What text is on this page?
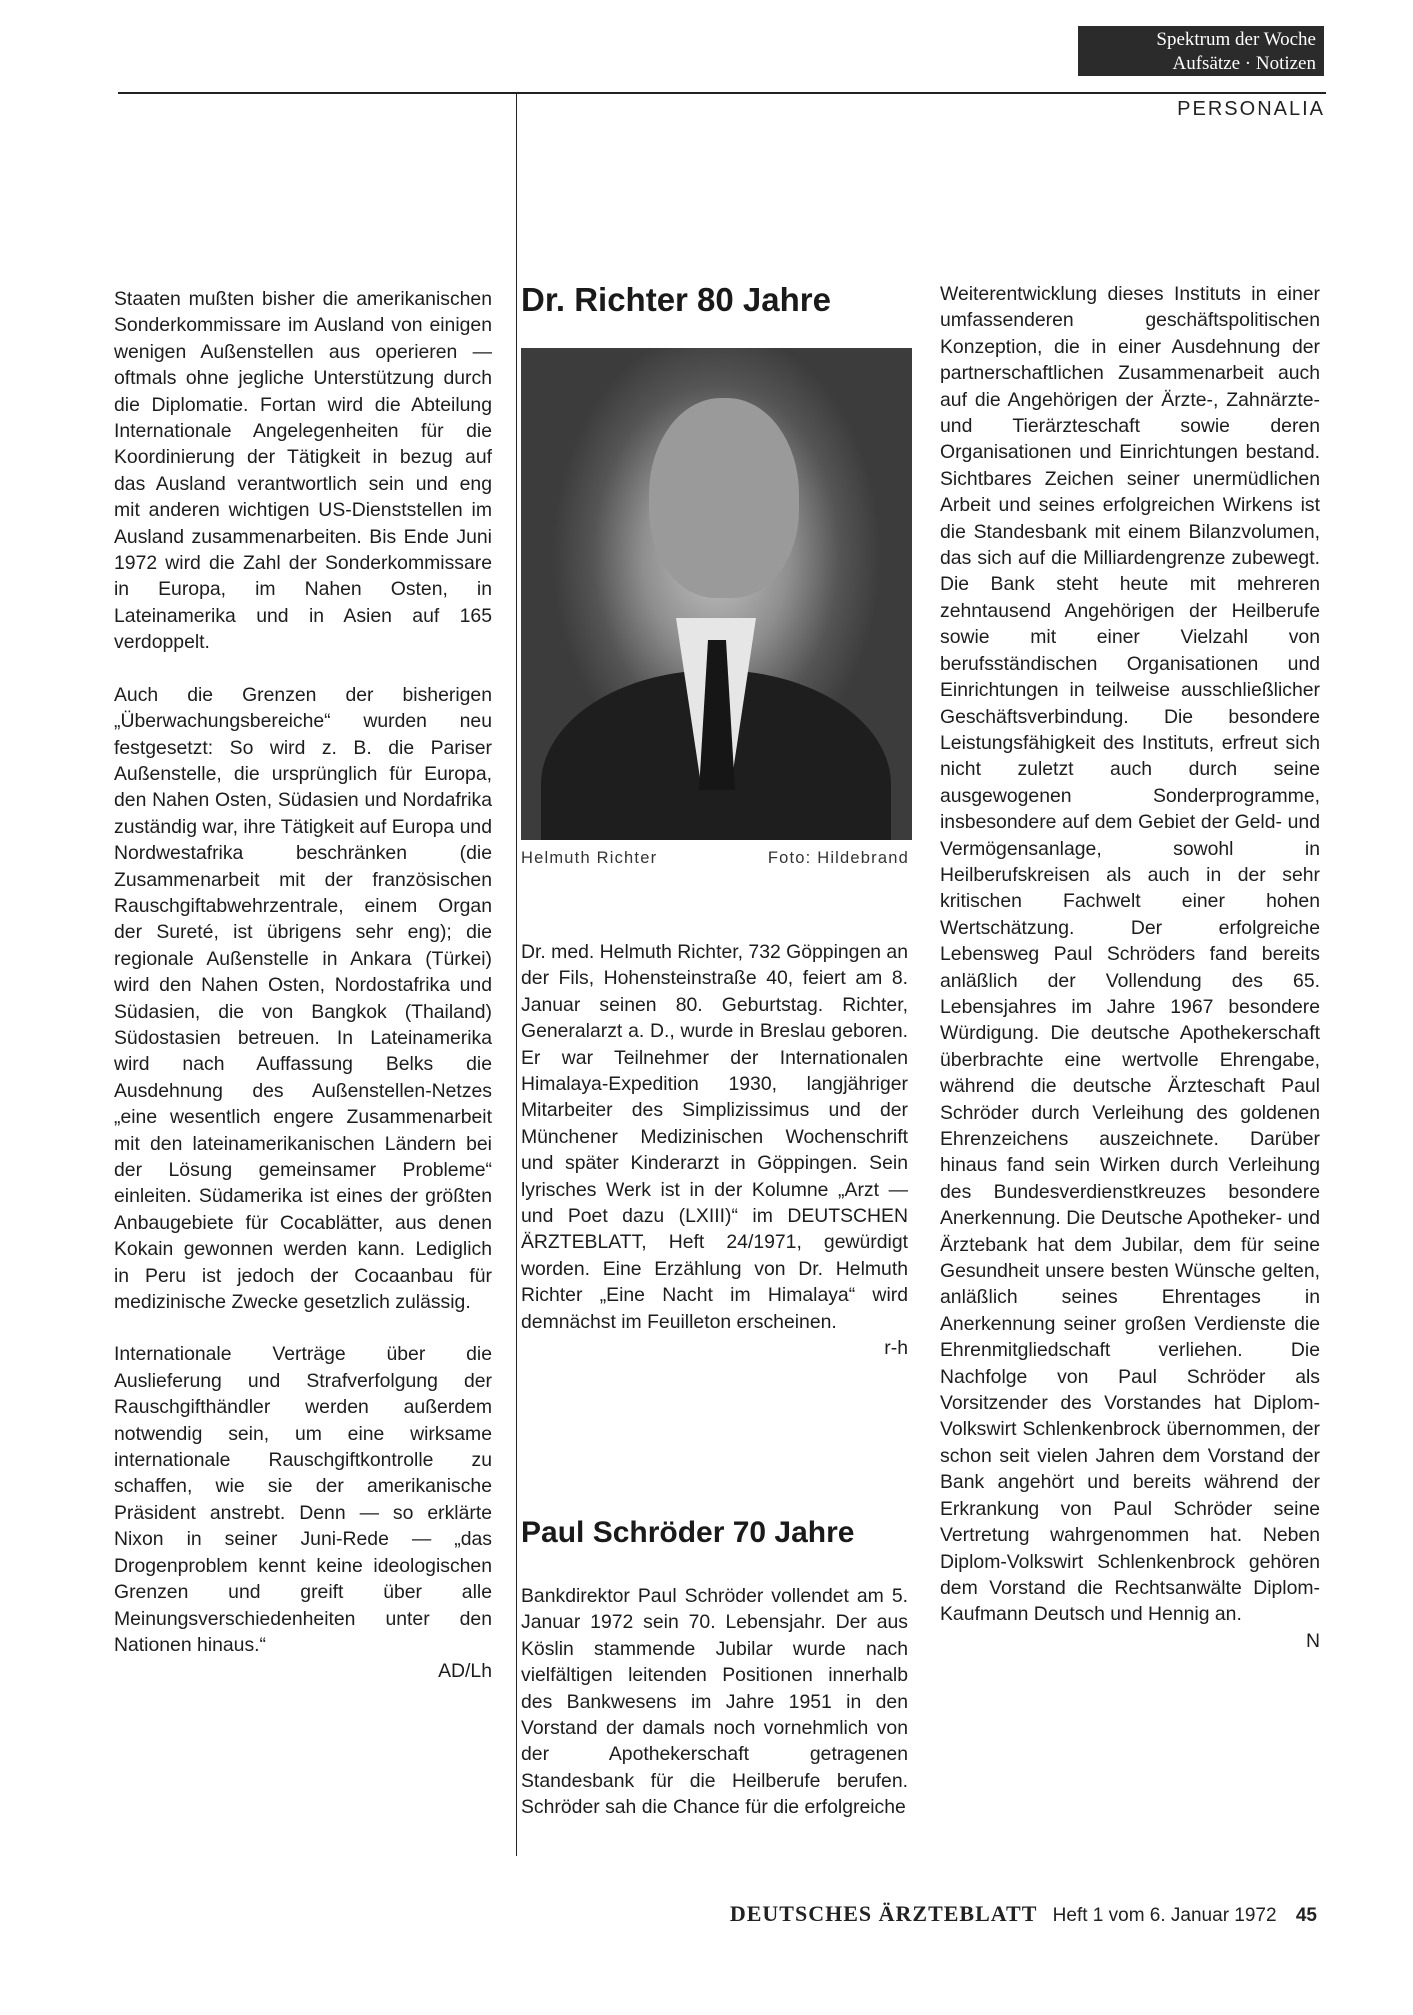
Spektrum der Woche
Aufsätze · Notizen
PERSONALIA

Staaten mußten bisher die amerikanischen Sonderkommissare im Ausland von einigen wenigen Außenstellen aus operieren — oftmals ohne jegliche Unterstützung durch die Diplomatie. Fortan wird die Abteilung Internationale Angelegenheiten für die Koordinierung der Tätigkeit in bezug auf das Ausland verantwortlich sein und eng mit anderen wichtigen US-Dienststellen im Ausland zusammenarbeiten. Bis Ende Juni 1972 wird die Zahl der Sonderkommissare in Europa, im Nahen Osten, in Lateinamerika und in Asien auf 165 verdoppelt.

Auch die Grenzen der bisherigen „Überwachungsbereiche“ wurden neu festgesetzt: So wird z. B. die Pariser Außenstelle, die ursprünglich für Europa, den Nahen Osten, Südasien und Nordafrika zuständig war, ihre Tätigkeit auf Europa und Nordwestafrika beschränken (die Zusammenarbeit mit der französischen Rauschgiftabwehrzentrale, einem Organ der Sureté, ist übrigens sehr eng); die regionale Außenstelle in Ankara (Türkei) wird den Nahen Osten, Nordostafrika und Südasien, die von Bangkok (Thailand) Südostasien betreuen. In Lateinamerika wird nach Auffassung Belks die Ausdehnung des Außenstellen-Netzes „eine wesentlich engere Zusammenarbeit mit den lateinamerikanischen Ländern bei der Lösung gemeinsamer Probleme“ einleiten. Südamerika ist eines der größten Anbaugebiete für Cocablätter, aus denen Kokain gewonnen werden kann. Lediglich in Peru ist jedoch der Cocaanbau für medizinische Zwecke gesetzlich zulässig.

Internationale Verträge über die Auslieferung und Strafverfolgung der Rauschgifthändler werden außerdem notwendig sein, um eine wirksame internationale Rauschgiftkontrolle zu schaffen, wie sie der amerikanische Präsident anstrebt. Denn — so erklärte Nixon in seiner Juni-Rede — „das Drogenproblem kennt keine ideologischen Grenzen und greift über alle Meinungsverschiedenheiten unter den Nationen hinaus.“
AD/Lh

Dr. Richter 80 Jahre
Helmuth Richter	Foto: Hildebrand

Dr. med. Helmuth Richter, 732 Göppingen an der Fils, Hohensteinstraße 40, feiert am 8. Januar seinen 80. Geburtstag. Richter, Generalarzt a. D., wurde in Breslau geboren. Er war Teilnehmer der Internationalen Himalaya-Expedition 1930, langjähriger Mitarbeiter des Simplizissimus und der Münchener Medizinischen Wochenschrift und später Kinderarzt in Göppingen. Sein lyrisches Werk ist in der Kolumne „Arzt — und Poet dazu (LXIII)“ im DEUTSCHEN ÄRZTEBLATT, Heft 24/1971, gewürdigt worden. Eine Erzählung von Dr. Helmuth Richter „Eine Nacht im Himalaya“ wird demnächst im Feuilleton erscheinen.
r-h

Paul Schröder 70 Jahre

Bankdirektor Paul Schröder vollendet am 5. Januar 1972 sein 70. Lebensjahr. Der aus Köslin stammende Jubilar wurde nach vielfältigen leitenden Positionen innerhalb des Bankwesens im Jahre 1951 in den Vorstand der damals noch vornehmlich von der Apothekerschaft getragenen Standesbank für die Heilberufe berufen. Schröder sah die Chance für die erfolgreiche

Weiterentwicklung dieses Instituts in einer umfassenderen geschäftspolitischen Konzeption, die in einer Ausdehnung der partnerschaftlichen Zusammenarbeit auch auf die Angehörigen der Ärzte-, Zahnärzte- und Tierärzteschaft sowie deren Organisationen und Einrichtungen bestand. Sichtbares Zeichen seiner unermüdlichen Arbeit und seines erfolgreichen Wirkens ist die Standesbank mit einem Bilanzvolumen, das sich auf die Milliardengrenze zubewegt. Die Bank steht heute mit mehreren zehntausend Angehörigen der Heilberufe sowie mit einer Vielzahl von berufsständischen Organisationen und Einrichtungen in teilweise ausschließlicher Geschäftsverbindung. Die besondere Leistungsfähigkeit des Instituts, erfreut sich nicht zuletzt auch durch seine ausgewogenen Sonderprogramme, insbesondere auf dem Gebiet der Geld- und Vermögensanlage, sowohl in Heilberufskreisen als auch in der sehr kritischen Fachwelt einer hohen Wertschätzung. Der erfolgreiche Lebensweg Paul Schröders fand bereits anläßlich der Vollendung des 65. Lebensjahres im Jahre 1967 besondere Würdigung. Die deutsche Apothekerschaft überbrachte eine wertvolle Ehrengabe, während die deutsche Ärzteschaft Paul Schröder durch Verleihung des goldenen Ehrenzeichens auszeichnete. Darüber hinaus fand sein Wirken durch Verleihung des Bundesverdienstkreuzes besondere Anerkennung. Die Deutsche Apotheker- und Ärztebank hat dem Jubilar, dem für seine Gesundheit unsere besten Wünsche gelten, anläßlich seines Ehrentages in Anerkennung seiner großen Verdienste die Ehrenmitgliedschaft verliehen. Die Nachfolge von Paul Schröder als Vorsitzender des Vorstandes hat Diplom-Volkswirt Schlenkenbrock übernommen, der schon seit vielen Jahren dem Vorstand der Bank angehört und bereits während der Erkrankung von Paul Schröder seine Vertretung wahrgenommen hat. Neben Diplom-Volkswirt Schlenkenbrock gehören dem Vorstand die Rechtsanwälte Diplom-Kaufmann Deutsch und Hennig an.
N

DEUTSCHES ÄRZTEBLATT Heft 1 vom 6. Januar 1972 45
